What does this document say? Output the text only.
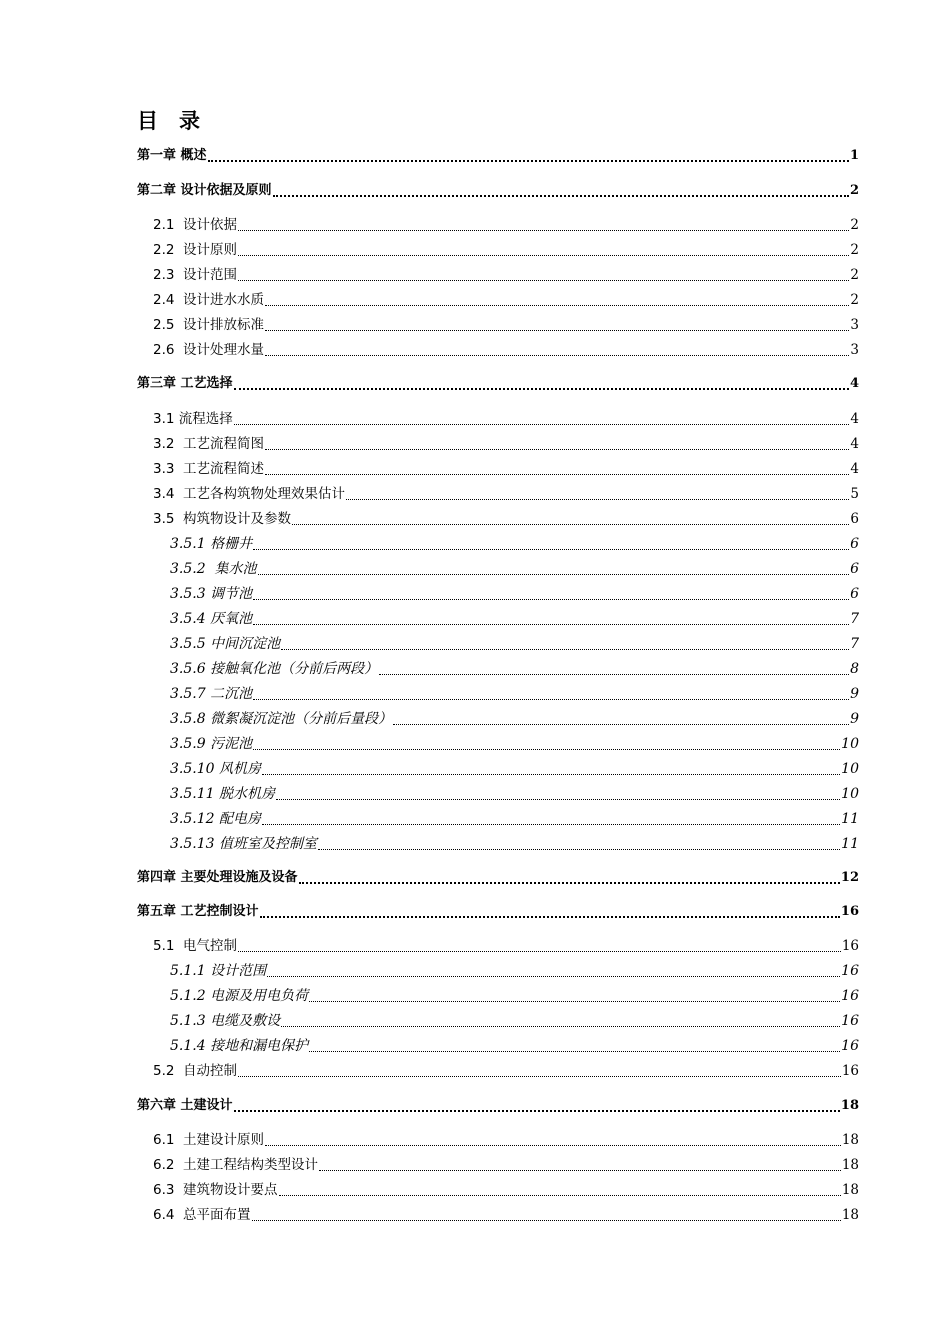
目　录
第一章 概述	1
第二章 设计依据及原则	2
2.1  设计依据	2
2.2  设计原则	2
2.3  设计范围	2
2.4  设计进水水质	2
2.5  设计排放标准	3
2.6  设计处理水量	3
第三章 工艺选择	4
3.1 流程选择	4
3.2  工艺流程简图	4
3.3  工艺流程简述	4
3.4  工艺各构筑物处理效果估计	5
3.5  构筑物设计及参数	6
3.5.1 格栅井	6
3.5.2  集水池	6
3.5.3 调节池	6
3.5.4 厌氧池	7
3.5.5 中间沉淀池	7
3.5.6 接触氧化池（分前后两段）	8
3.5.7 二沉池	9
3.5.8 微絮凝沉淀池（分前后量段）	9
3.5.9 污泥池	10
3.5.10 风机房	10
3.5.11 脱水机房	10
3.5.12 配电房	11
3.5.13 值班室及控制室	11
第四章 主要处理设施及设备	12
第五章 工艺控制设计	16
5.1  电气控制	16
5.1.1 设计范围	16
5.1.2 电源及用电负荷	16
5.1.3 电缆及敷设	16
5.1.4 接地和漏电保护	16
5.2  自动控制	16
第六章 土建设计	18
6.1  土建设计原则	18
6.2  土建工程结构类型设计	18
6.3  建筑物设计要点	18
6.4  总平面布置	18
